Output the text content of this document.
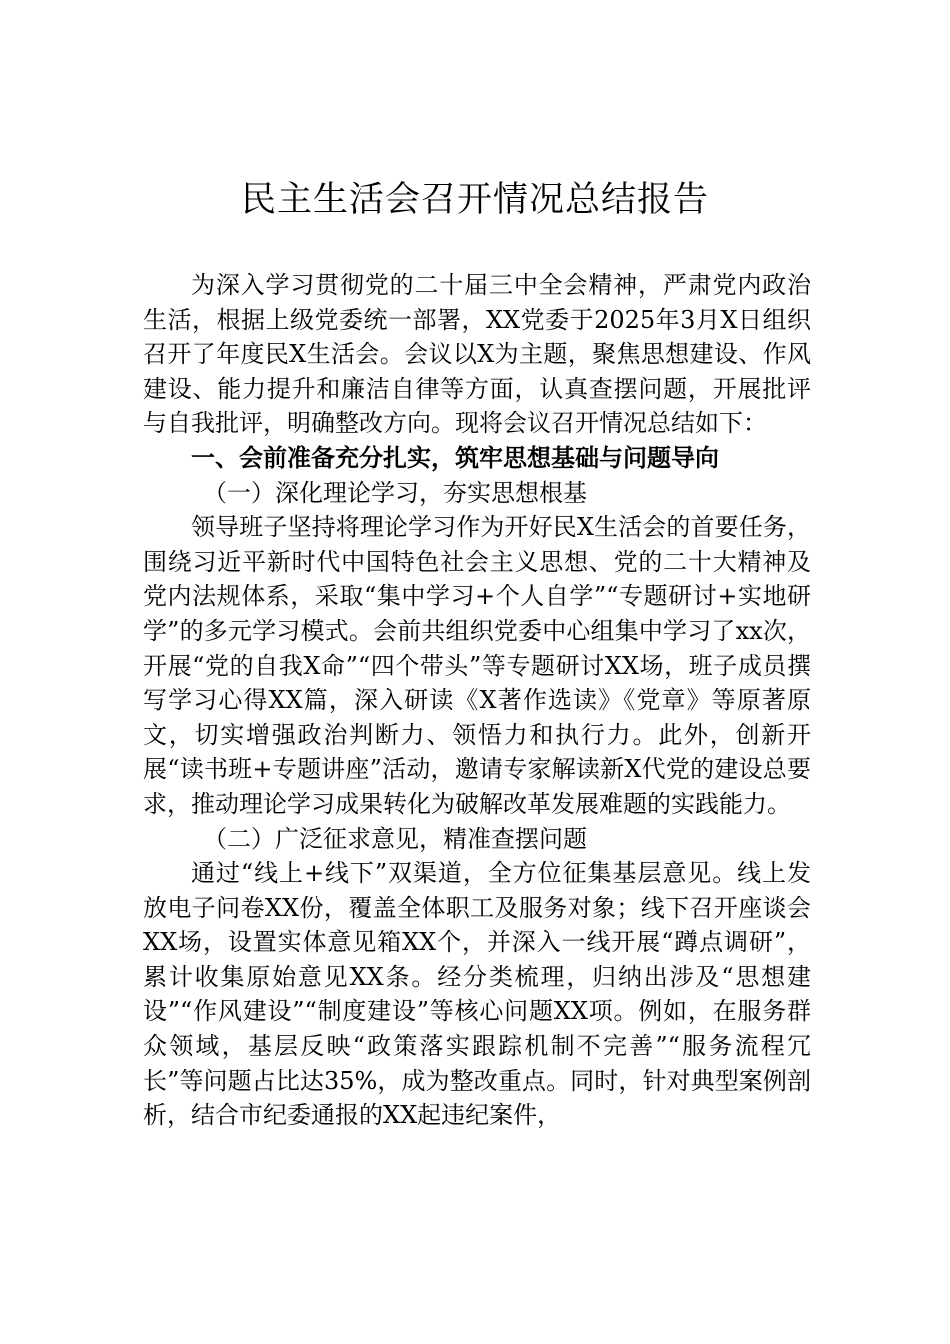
民主生活会召开情况总结报告

为深入学习贯彻党的二十届三中全会精神，严肃党内政治生活，根据上级党委统一部署，XX党委于2025年3月X日组织召开了年度民X生活会。会议以X为主题，聚焦思想建设、作风建设、能力提升和廉洁自律等方面，认真查摆问题，开展批评与自我批评，明确整改方向。现将会议召开情况总结如下：

一、会前准备充分扎实，筑牢思想基础与问题导向

（一）深化理论学习，夯实思想根基

领导班子坚持将理论学习作为开好民X生活会的首要任务，围绕习近平新时代中国特色社会主义思想、党的二十大精神及党内法规体系，采取“集中学习+个人自学”“专题研讨+实地研学”的多元学习模式。会前共组织党委中心组集中学习了xx次，开展“党的自我X命”“四个带头”等专题研讨XX场，班子成员撰写学习心得XX篇，深入研读《X著作选读》《党章》等原著原文，切实增强政治判断力、领悟力和执行力。此外，创新开展“读书班+专题讲座”活动，邀请专家解读新X代党的建设总要求，推动理论学习成果转化为破解改革发展难题的实践能力。

（二）广泛征求意见，精准查摆问题

通过“线上+线下”双渠道，全方位征集基层意见。线上发放电子问卷XX份，覆盖全体职工及服务对象；线下召开座谈会XX场，设置实体意见箱XX个，并深入一线开展“蹲点调研”，累计收集原始意见XX条。经分类梳理，归纳出涉及“思想建设”“作风建设”“制度建设”等核心问题XX项。例如，在服务群众领域，基层反映“政策落实跟踪机制不完善”“服务流程冗长”等问题占比达35%，成为整改重点。同时，针对典型案例剖析，结合市纪委通报的XX起违纪案件，
